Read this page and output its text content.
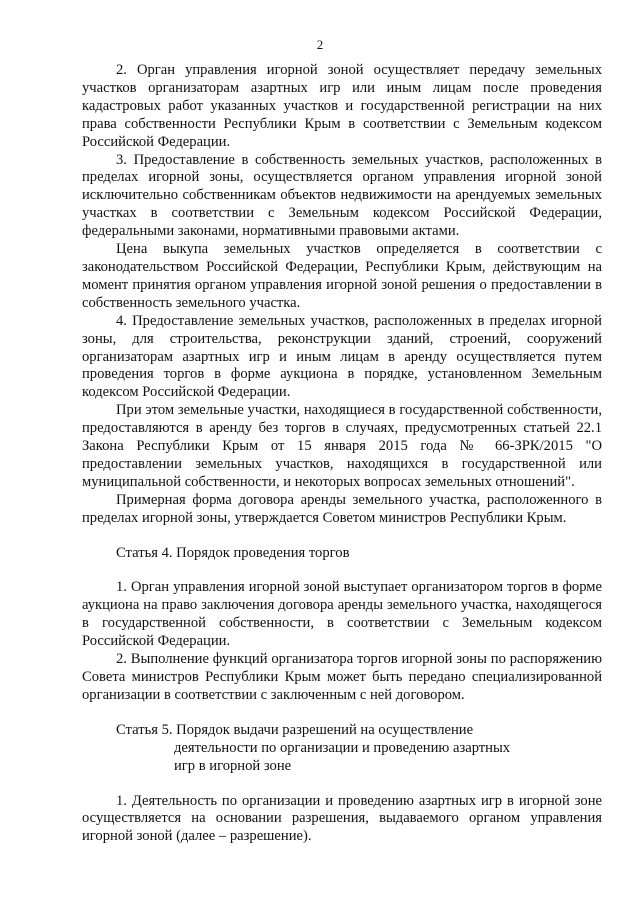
2

2. Орган управления игорной зоной осуществляет передачу земельных участков организаторам азартных игр или иным лицам после проведения кадастровых работ указанных участков и государственной регистрации на них права собственности Республики Крым в соответствии с Земельным кодексом Российской Федерации.

3. Предоставление в собственность земельных участков, расположенных в пределах игорной зоны, осуществляется органом управления игорной зоной исключительно собственникам объектов недвижимости на арендуемых земельных участках в соответствии с Земельным кодексом Российской Федерации, федеральными законами, нормативными правовыми актами.

Цена выкупа земельных участков определяется в соответствии с законодательством Российской Федерации, Республики Крым, действующим на момент принятия органом управления игорной зоной решения о предоставлении в собственность земельного участка.

4. Предоставление земельных участков, расположенных в пределах игорной зоны, для строительства, реконструкции зданий, строений, сооружений организаторам азартных игр и иным лицам в аренду осуществляется путем проведения торгов в форме аукциона в порядке, установленном Земельным кодексом Российской Федерации.

При этом земельные участки, находящиеся в государственной собственности, предоставляются в аренду без торгов в случаях, предусмотренных статьей 22.1 Закона Республики Крым от 15 января 2015 года № 66-ЗРК/2015 "О предоставлении земельных участков, находящихся в государственной или муниципальной собственности, и некоторых вопросах земельных отношений".

Примерная форма договора аренды земельного участка, расположенного в пределах игорной зоны, утверждается Советом министров Республики Крым.

Статья 4. Порядок проведения торгов

1. Орган управления игорной зоной выступает организатором торгов в форме аукциона на право заключения договора аренды земельного участка, находящегося в государственной собственности, в соответствии с Земельным кодексом Российской Федерации.

2. Выполнение функций организатора торгов игорной зоны по распоряжению Совета министров Республики Крым может быть передано специализированной организации в соответствии с заключенным с ней договором.

Статья 5. Порядок выдачи разрешений на осуществление
деятельности по организации и проведению азартных
игр в игорной зоне

1. Деятельность по организации и проведению азартных игр в игорной зоне осуществляется на основании разрешения, выдаваемого органом управления игорной зоной (далее – разрешение).
